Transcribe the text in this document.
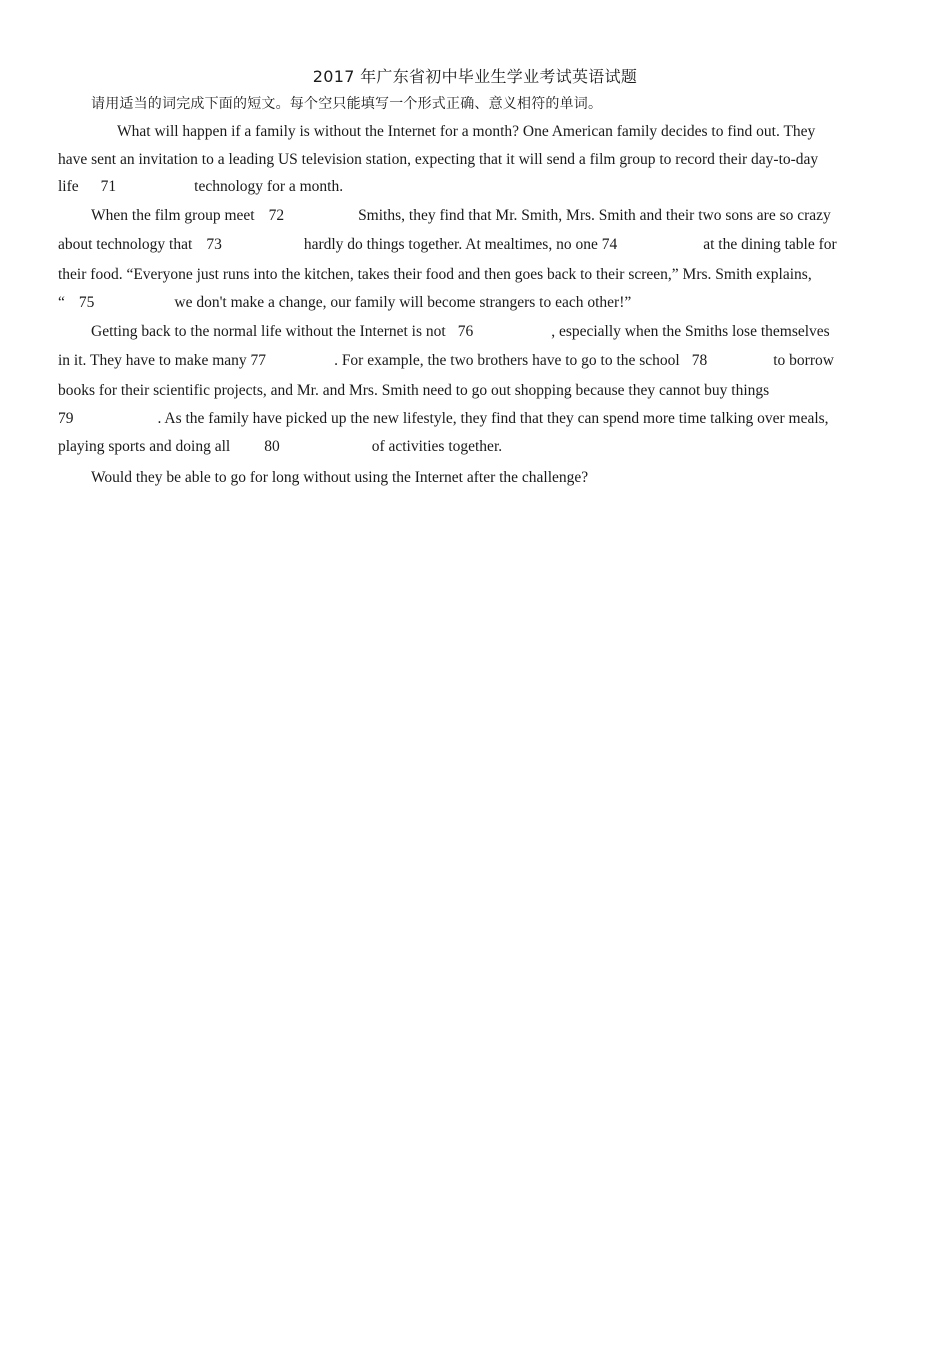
2017 年广东省初中毕业生学业考试英语试题
请用适当的词完成下面的短文。每个空只能填写一个形式正确、意义相符的单词。
What will happen if a family is without the Internet for a month? One American family decides to find out. They
have sent an invitation to a leading US television station, expecting that it will send a film group to record their day-to-day
life 71	technology for a month.
When the film group meet 72	Smiths, they find that Mr. Smith, Mrs. Smith and their two sons are so crazy
about technology that 73	hardly do things together. At mealtimes, no one 74	at the dining table for
their food. “Everyone just runs into the kitchen, takes their food and then goes back to their screen,” Mrs. Smith explains,
“ 75	we don't make a change, our family will become strangers to each other!”
Getting back to the normal life without the Internet is not 76	, especially when the Smiths lose themselves
in it. They have to make many 77	. For example, the two brothers have to go to the school 78	to borrow
books for their scientific projects, and Mr. and Mrs. Smith need to go out shopping because they cannot buy things
79	. As the family have picked up the new lifestyle, they find that they can spend more time talking over meals,
playing sports and doing all 80	of activities together.
Would they be able to go for long without using the Internet after the challenge?
